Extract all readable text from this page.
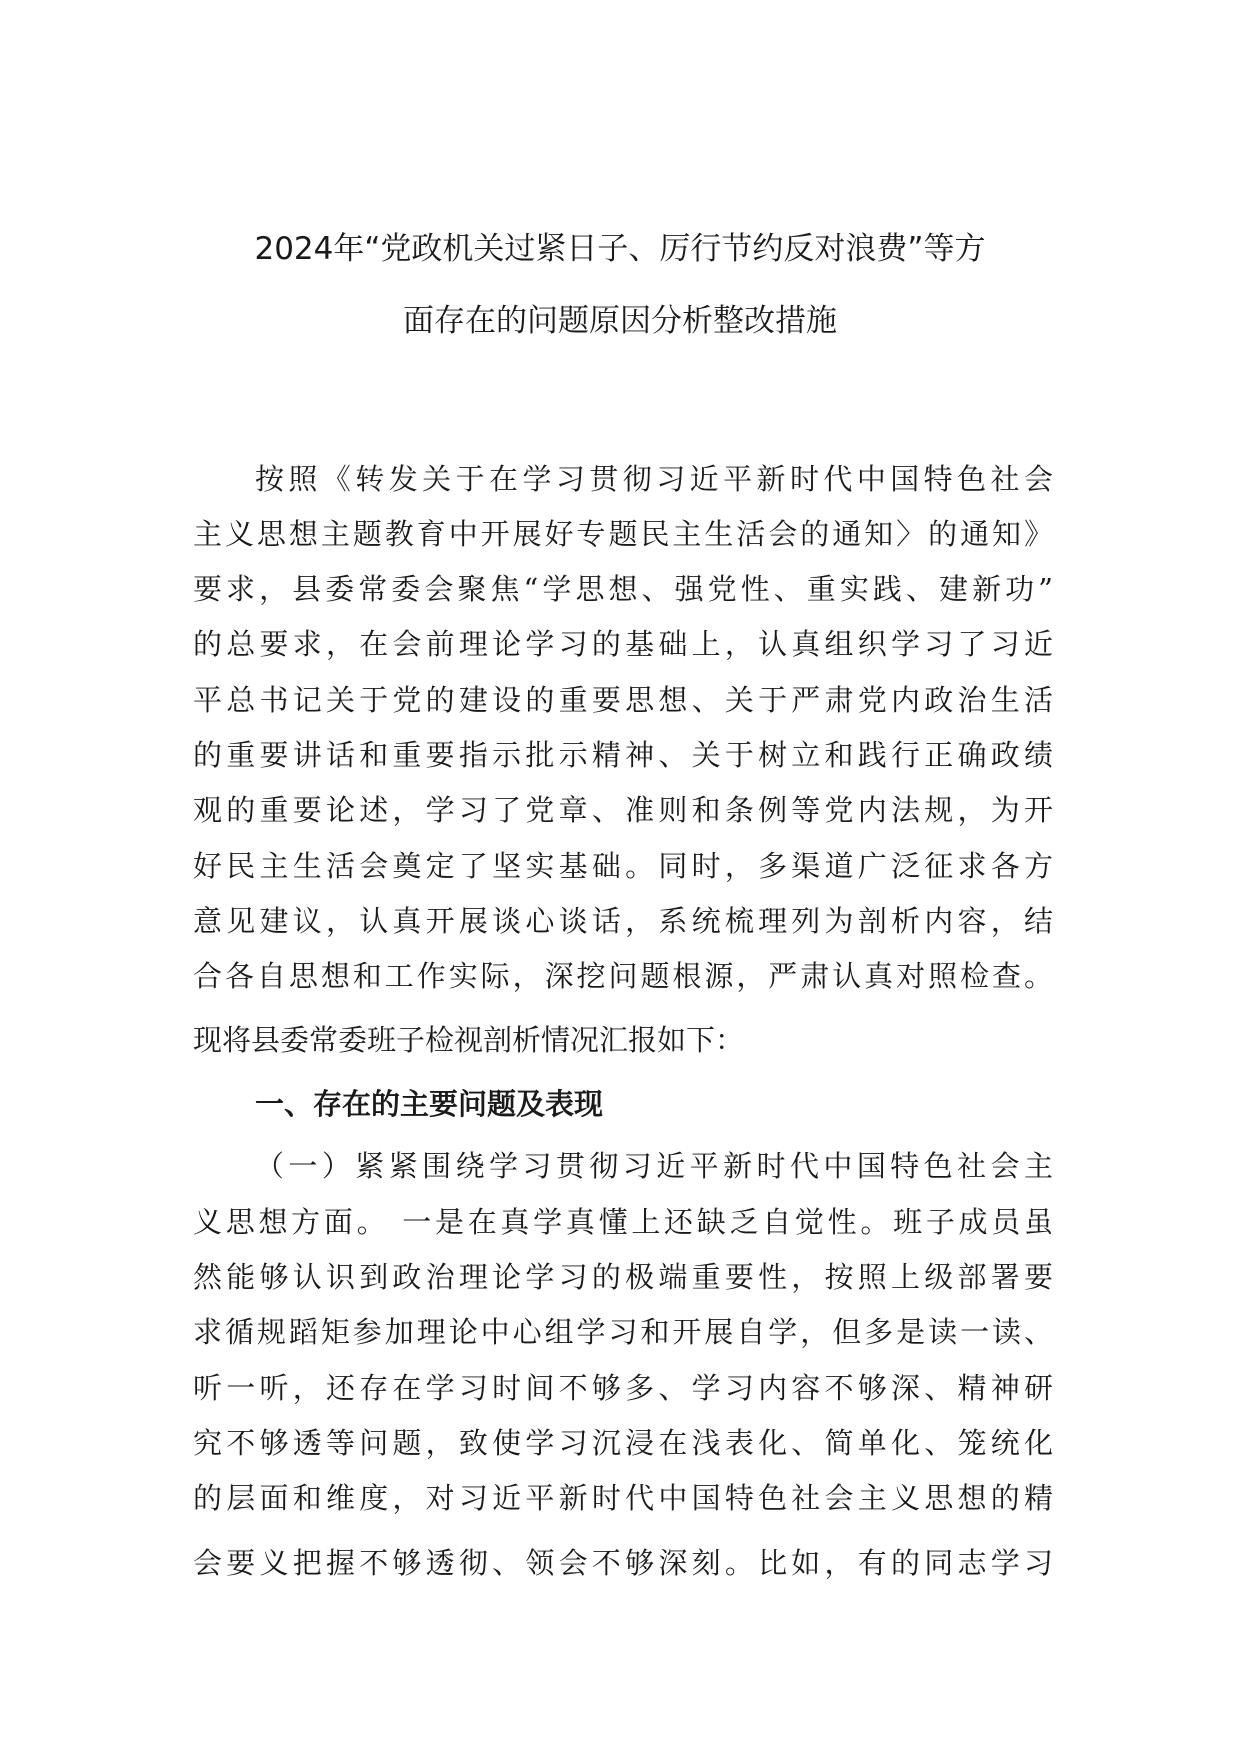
2024年“党政机关过紧日子、厉行节约反对浪费”等方
面存在的问题原因分析整改措施
按照《转发关于在学习贯彻习近平新时代中国特色社会
主义思想主题教育中开展好专题民主生活会的通知〉的通知》
要求，县委常委会聚焦“学思想、强党性、重实践、建新功”
的总要求，在会前理论学习的基础上，认真组织学习了习近
平总书记关于党的建设的重要思想、关于严肃党内政治生活
的重要讲话和重要指示批示精神、关于树立和践行正确政绩
观的重要论述，学习了党章、准则和条例等党内法规，为开
好民主生活会奠定了坚实基础。同时，多渠道广泛征求各方
意见建议，认真开展谈心谈话，系统梳理列为剖析内容，结
合各自思想和工作实际，深挖问题根源，严肃认真对照检查。
现将县委常委班子检视剖析情况汇报如下：
一、存在的主要问题及表现
（一）紧紧围绕学习贯彻习近平新时代中国特色社会主
义思想方面。 一是在真学真懂上还缺乏自觉性。班子成员虽
然能够认识到政治理论学习的极端重要性，按照上级部署要
求循规蹈矩参加理论中心组学习和开展自学，但多是读一读、
听一听，还存在学习时间不够多、学习内容不够深、精神研
究不够透等问题，致使学习沉浸在浅表化、简单化、笼统化
的层面和维度，对习近平新时代中国特色社会主义思想的精
会要义把握不够透彻、领会不够深刻。比如，有的同志学习
